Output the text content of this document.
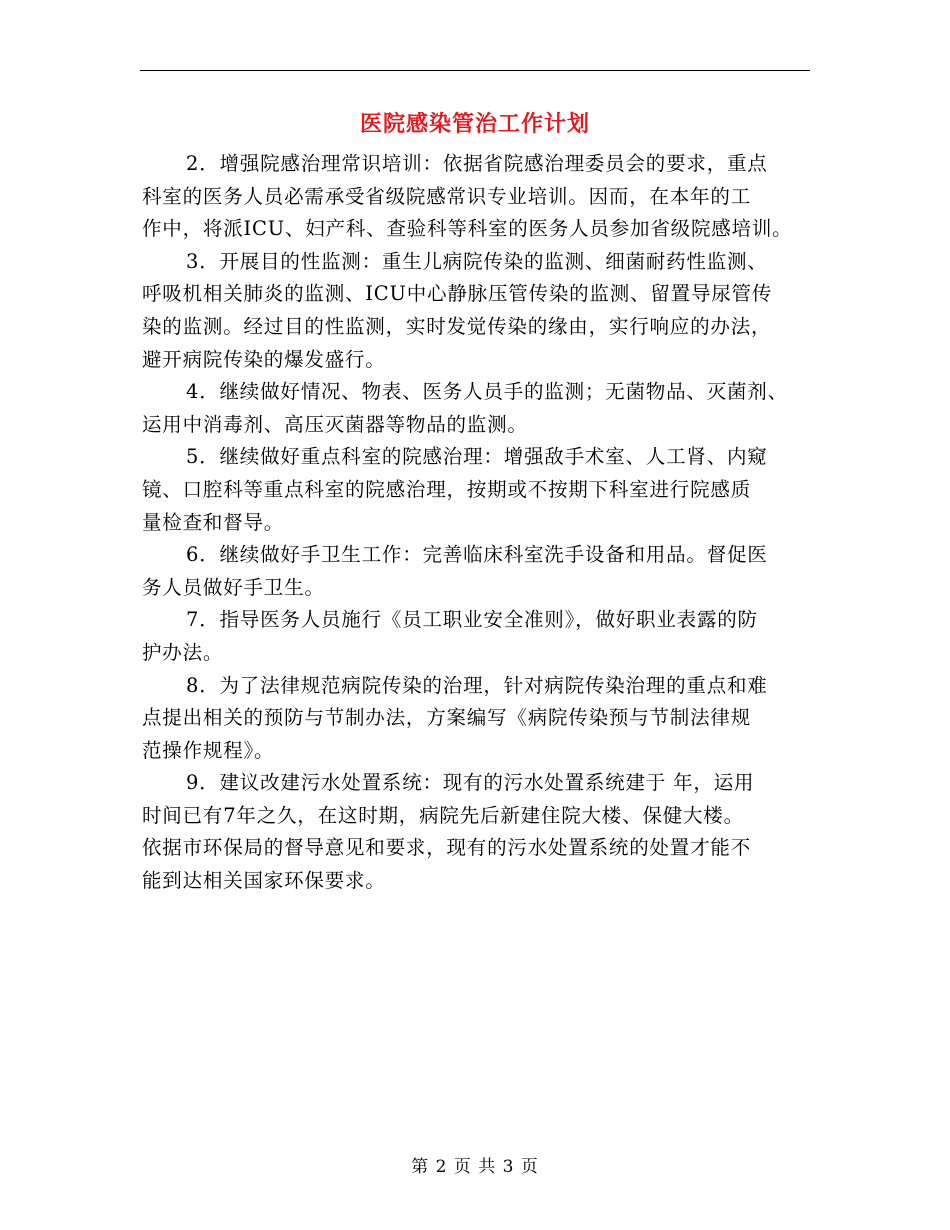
医院感染管治工作计划

2．增强院感治理常识培训：依据省院感治理委员会的要求，重点
科室的医务人员必需承受省级院感常识专业培训。因而，在本年的工
作中，将派ICU、妇产科、查验科等科室的医务人员参加省级院感培训。

3．开展目的性监测：重生儿病院传染的监测、细菌耐药性监测、
呼吸机相关肺炎的监测、ICU中心静脉压管传染的监测、留置导尿管传
染的监测。经过目的性监测，实时发觉传染的缘由，实行响应的办法，
避开病院传染的爆发盛行。

4．继续做好情况、物表、医务人员手的监测；无菌物品、灭菌剂、
运用中消毒剂、高压灭菌器等物品的监测。

5．继续做好重点科室的院感治理：增强敌手术室、人工肾、内窥
镜、口腔科等重点科室的院感治理，按期或不按期下科室进行院感质
量检查和督导。

6．继续做好手卫生工作：完善临床科室洗手设备和用品。督促医
务人员做好手卫生。

7．指导医务人员施行《员工职业安全准则》，做好职业表露的防
护办法。

8．为了法律规范病院传染的治理，针对病院传染治理的重点和难
点提出相关的预防与节制办法，方案编写《病院传染预与节制法律规
范操作规程》。

9．建议改建污水处置系统：现有的污水处置系统建于 年，运用
时间已有7年之久，在这时期，病院先后新建住院大楼、保健大楼。
依据市环保局的督导意见和要求，现有的污水处置系统的处置才能不
能到达相关国家环保要求。

第 2 页 共 3 页
